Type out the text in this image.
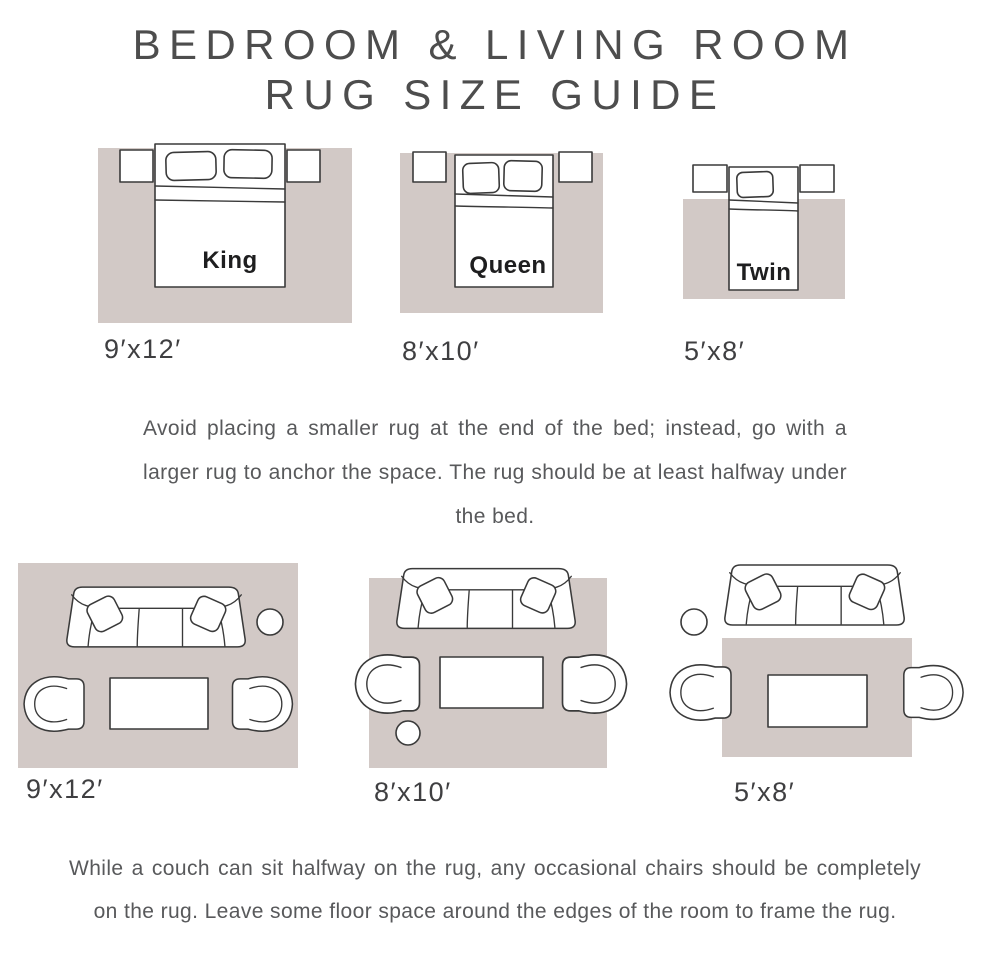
BEDROOM & LIVING ROOM
RUG SIZE GUIDE
King
9′x12′
Queen
8′x10′
Twin
5′x8′

Avoid placing a smaller rug at the end of the bed; instead, go with a larger rug to anchor the space. The rug should be at least halfway under the bed.

9′x12′	8′x10′	5′x8′

While a couch can sit halfway on the rug, any occasional chairs should be completely on the rug. Leave some floor space around the edges of the room to frame the rug.
